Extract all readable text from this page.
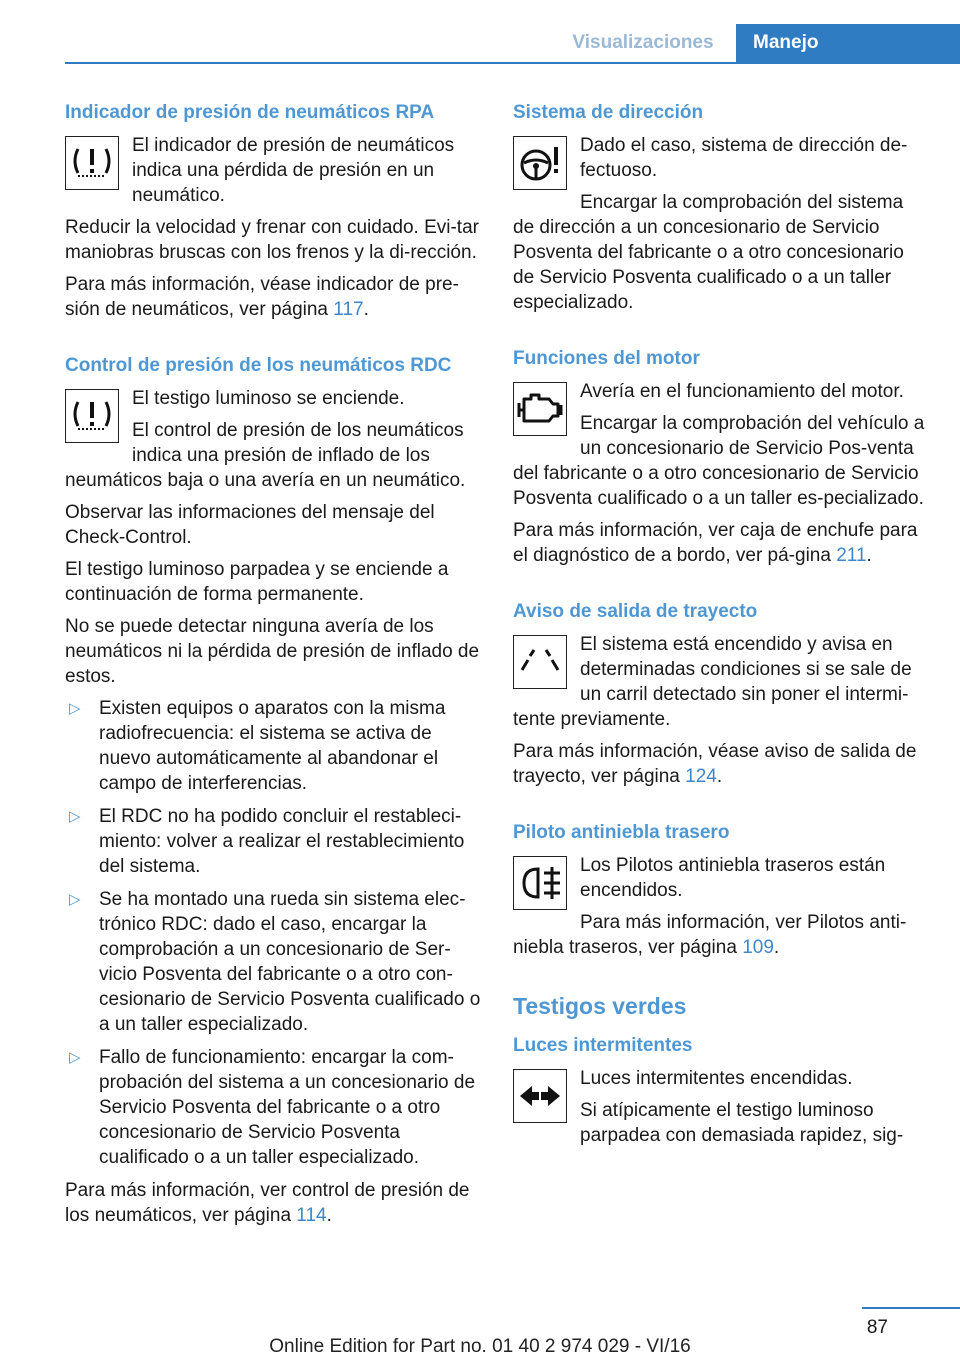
Visualizaciones	Manejo
Indicador de presión de neumáticos RPA

El indicador de presión de neumáticos indica una pérdida de presión en un neumático.

Reducir la velocidad y frenar con cuidado. Evi‐tar maniobras bruscas con los frenos y la di‐rección.

Para más información, véase indicador de pre‐sión de neumáticos, ver página 117.

Control de presión de los neumáticos RDC

El testigo luminoso se enciende.

El control de presión de los neumáticos indica una presión de inflado de los neumáticos baja o una avería en un neumático.

Observar las informaciones del mensaje del Check-Control.

El testigo luminoso parpadea y se enciende a continuación de forma permanente.

No se puede detectar ninguna avería de los neumáticos ni la pérdida de presión de inflado de estos.

▷ Existen equipos o aparatos con la misma radiofrecuencia: el sistema se activa de nuevo automáticamente al abandonar el campo de interferencias.
▷ El RDC no ha podido concluir el restableci‐miento: volver a realizar el restablecimiento del sistema.
▷ Se ha montado una rueda sin sistema elec‐trónico RDC: dado el caso, encargar la comprobación a un concesionario de Ser‐vicio Posventa del fabricante o a otro con‐cesionario de Servicio Posventa cualificado o a un taller especializado.
▷ Fallo de funcionamiento: encargar la com‐probación del sistema a un concesionario de Servicio Posventa del fabricante o a otro concesionario de Servicio Posventa cualificado o a un taller especializado.

Para más información, ver control de presión de los neumáticos, ver página 114.

Sistema de dirección

Dado el caso, sistema de dirección de‐fectuoso.

Encargar la comprobación del sistema de dirección a un concesionario de Servicio Posventa del fabricante o a otro concesionario de Servicio Posventa cualificado o a un taller especializado.

Funciones del motor

Avería en el funcionamiento del motor.

Encargar la comprobación del vehículo a un concesionario de Servicio Pos‐venta del fabricante o a otro concesionario de Servicio Posventa cualificado o a un taller es‐pecializado.

Para más información, ver caja de enchufe para el diagnóstico de a bordo, ver pá‐gina 211.

Aviso de salida de trayecto

El sistema está encendido y avisa en determinadas condiciones si se sale de un carril detectado sin poner el intermi‐tente previamente.

Para más información, véase aviso de salida de trayecto, ver página 124.

Piloto antiniebla trasero

Los Pilotos antiniebla traseros están encendidos.

Para más información, ver Pilotos anti‐niebla traseros, ver página 109.

Testigos verdes
Luces intermitentes

Luces intermitentes encendidas.

Si atípicamente el testigo luminoso parpadea con demasiada rapidez, sig‐

87
Online Edition for Part no. 01 40 2 974 029 - VI/16
